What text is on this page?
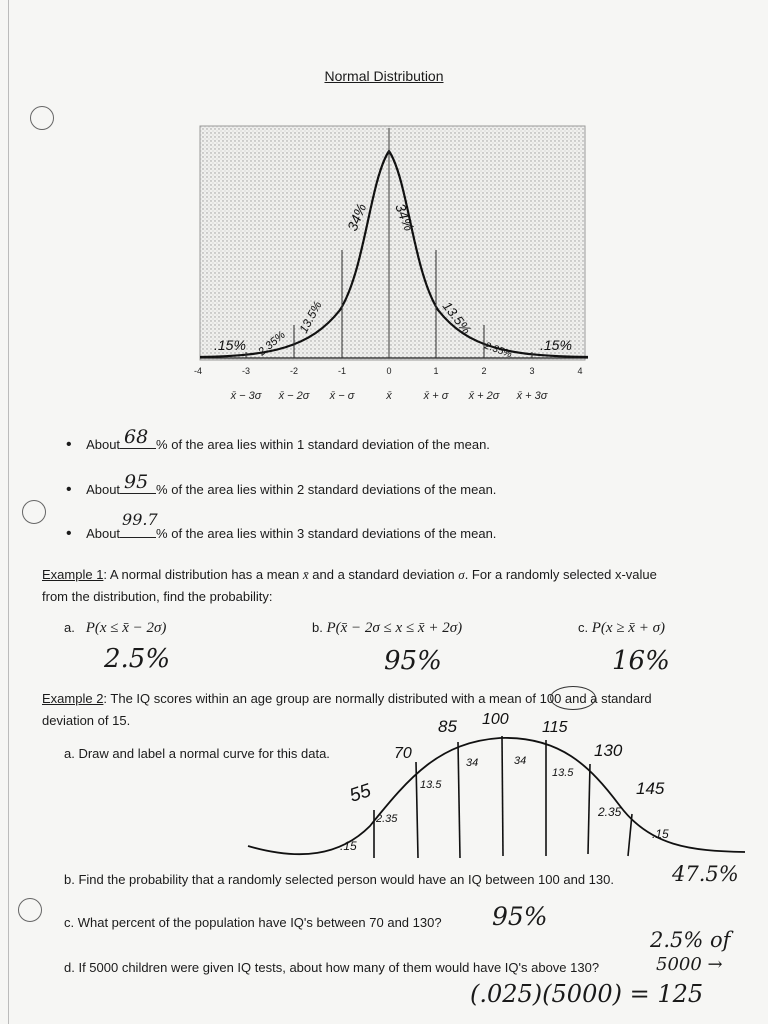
Normal Distribution
-4	-3	-2	-1	0	1	2	3	4
x̄ − 3σ x̄ − 2σ x̄ − σ	x̄	x̄ + σ x̄ + 2σ x̄ + 3σ
.15% 2.35%
13.5%
34% 34%
13.5%
2.35% .15%
• About 68 % of the area lies within 1 standard deviation of the mean.
• About 95 % of the area lies within 2 standard deviations of the mean.
• About
99.7
% of the area lies within 3 standard deviations of the mean.
Example 1: A normal distribution has a mean x̄ and a standard deviation σ. For a randomly selected x-value
from the distribution, find the probability:
a. P(x ≤ x̄ − 2σ)	b. P(x̄ − 2σ ≤ x ≤ x̄ + 2σ)	c. P(x ≥ x̄ + σ)
2.5%	95%	16%
Example 2: The IQ scores within an age group are normally distributed with a mean of 100 and a standard
deviation of 15.
a. Draw and label a normal curve for this data.
55
70
85 100 115
130
145
.15
2.35
13.5
34	34
13.5
2.35
.15
b. Find the probability that a randomly selected person would have an IQ between 100 and 130.	47.5%
c. What percent of the population have IQ's between 70 and 130? 95%
d. If 5000 children were given IQ tests, about how many of them would have IQ's above 130?
2.5% of
5000 →
(.025)(5000) = 125
